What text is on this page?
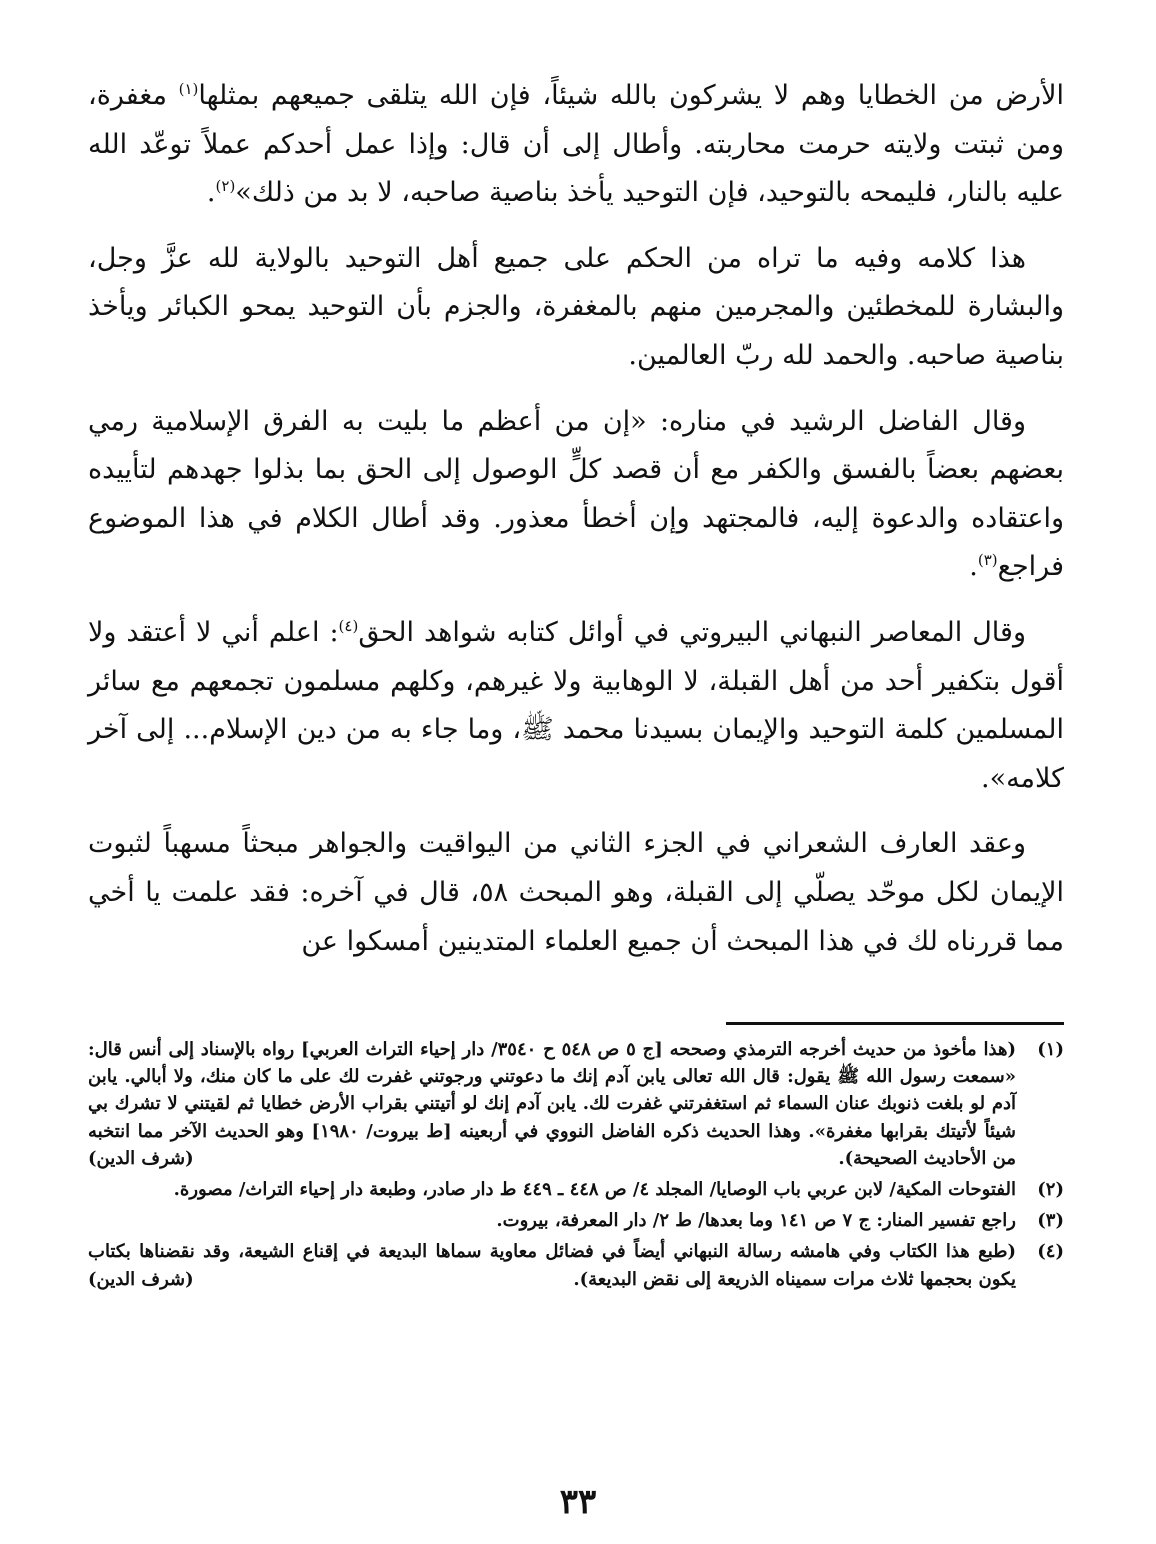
الأرض من الخطايا وهم لا يشركون بالله شيئاً، فإن الله يتلقى جميعهم بمثلها$^{(١)}$ مغفرة، ومن ثبتت ولايته حرمت محاربته. وأطال إلى أن قال: وإذا عمل أحدكم عملاً توعّد الله عليه بالنار، فليمحه بالتوحيد، فإن التوحيد يأخذ بناصية صاحبه، لا بد من ذلك»$^{(٢)}$.

هذا كلامه وفيه ما تراه من الحكم على جميع أهل التوحيد بالولاية لله عزَّ وجل، والبشارة للمخطئين والمجرمين منهم بالمغفرة، والجزم بأن التوحيد يمحو الكبائر ويأخذ بناصية صاحبه. والحمد لله ربّ العالمين.

وقال الفاضل الرشيد في مناره: «إن من أعظم ما بليت به الفرق الإسلامية رمي بعضهم بعضاً بالفسق والكفر مع أن قصد كلٍّ الوصول إلى الحق بما بذلوا جهدهم لتأييده واعتقاده والدعوة إليه، فالمجتهد وإن أخطأ معذور. وقد أطال الكلام في هذا الموضوع فراجع$^{(٣)}$.

وقال المعاصر النبهاني البيروتي في أوائل كتابه شواهد الحق$^{(٤)}$: اعلم أني لا أعتقد ولا أقول بتكفير أحد من أهل القبلة، لا الوهابية ولا غيرهم، وكلهم مسلمون تجمعهم مع سائر المسلمين كلمة التوحيد والإيمان بسيدنا محمد ﷺ، وما جاء به من دين الإسلام... إلى آخر كلامه».

وعقد العارف الشعراني في الجزء الثاني من اليواقيت والجواهر مبحثاً مسهباً لثبوت الإيمان لكل موحّد يصلّي إلى القبلة، وهو المبحث ٥٨، قال في آخره: فقد علمت يا أخي مما قررناه لك في هذا المبحث أن جميع العلماء المتدينين أمسكوا عن

(١)
(هذا مأخوذ من حديث أخرجه الترمذي وصححه [ج ٥ ص ٥٤٨ ح ٣٥٤٠/ دار إحياء التراث العربي] رواه بالإسناد إلى أنس قال: «سمعت رسول الله ﷺ يقول: قال الله تعالى يابن آدم إنك ما دعوتني ورجوتني غفرت لك على ما كان منك، ولا أبالي. يابن آدم لو بلغت ذنوبك عنان السماء ثم استغفرتني غفرت لك. يابن آدم إنك لو أتيتني بقراب الأرض خطايا ثم لقيتني لا تشرك بي شيئاً لأتيتك بقرابها مغفرة». وهذا الحديث ذكره الفاضل النووي في أربعينه [ط بيروت/ ١٩٨٠] وهو الحديث الآخر مما انتخبه من الأحاديث الصحيحة).
(شرف الدين)
(٢)
الفتوحات المكية/ لابن عربي باب الوصايا/ المجلد ٤/ ص ٤٤٨ ـ ٤٤٩ ط دار صادر، وطبعة دار إحياء التراث/ مصورة.
(٣)
راجع تفسير المنار: ج ٧ ص ١٤١ وما بعدها/ ط ٢/ دار المعرفة، بيروت.
(٤)
(طبع هذا الكتاب وفي هامشه رسالة النبهاني أيضاً في فضائل معاوية سماها البديعة في إقناع الشيعة، وقد نقضناها بكتاب يكون بحجمها ثلاث مرات سميناه الذريعة إلى نقض البديعة).
(شرف الدين)
٣٣
